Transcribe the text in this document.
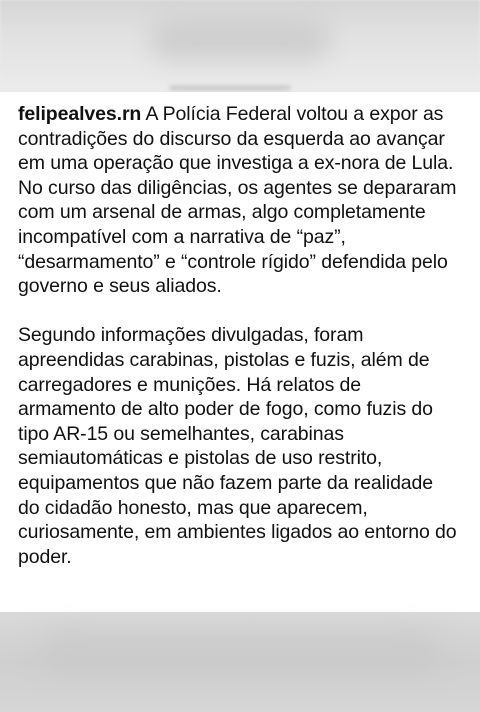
felipealves.rn A Polícia Federal voltou a expor as contradições do discurso da esquerda ao avançar em uma operação que investiga a ex-nora de Lula. No curso das diligências, os agentes se depararam com um arsenal de armas, algo completamente incompatível com a narrativa de “paz”, “desarmamento” e “controle rígido” defendida pelo governo e seus aliados.

Segundo informações divulgadas, foram apreendidas carabinas, pistolas e fuzis, além de carregadores e munições. Há relatos de armamento de alto poder de fogo, como fuzis do tipo AR-15 ou semelhantes, carabinas semiautomáticas e pistolas de uso restrito, equipamentos que não fazem parte da realidade do cidadão honesto, mas que aparecem, curiosamente, em ambientes ligados ao entorno do poder.
